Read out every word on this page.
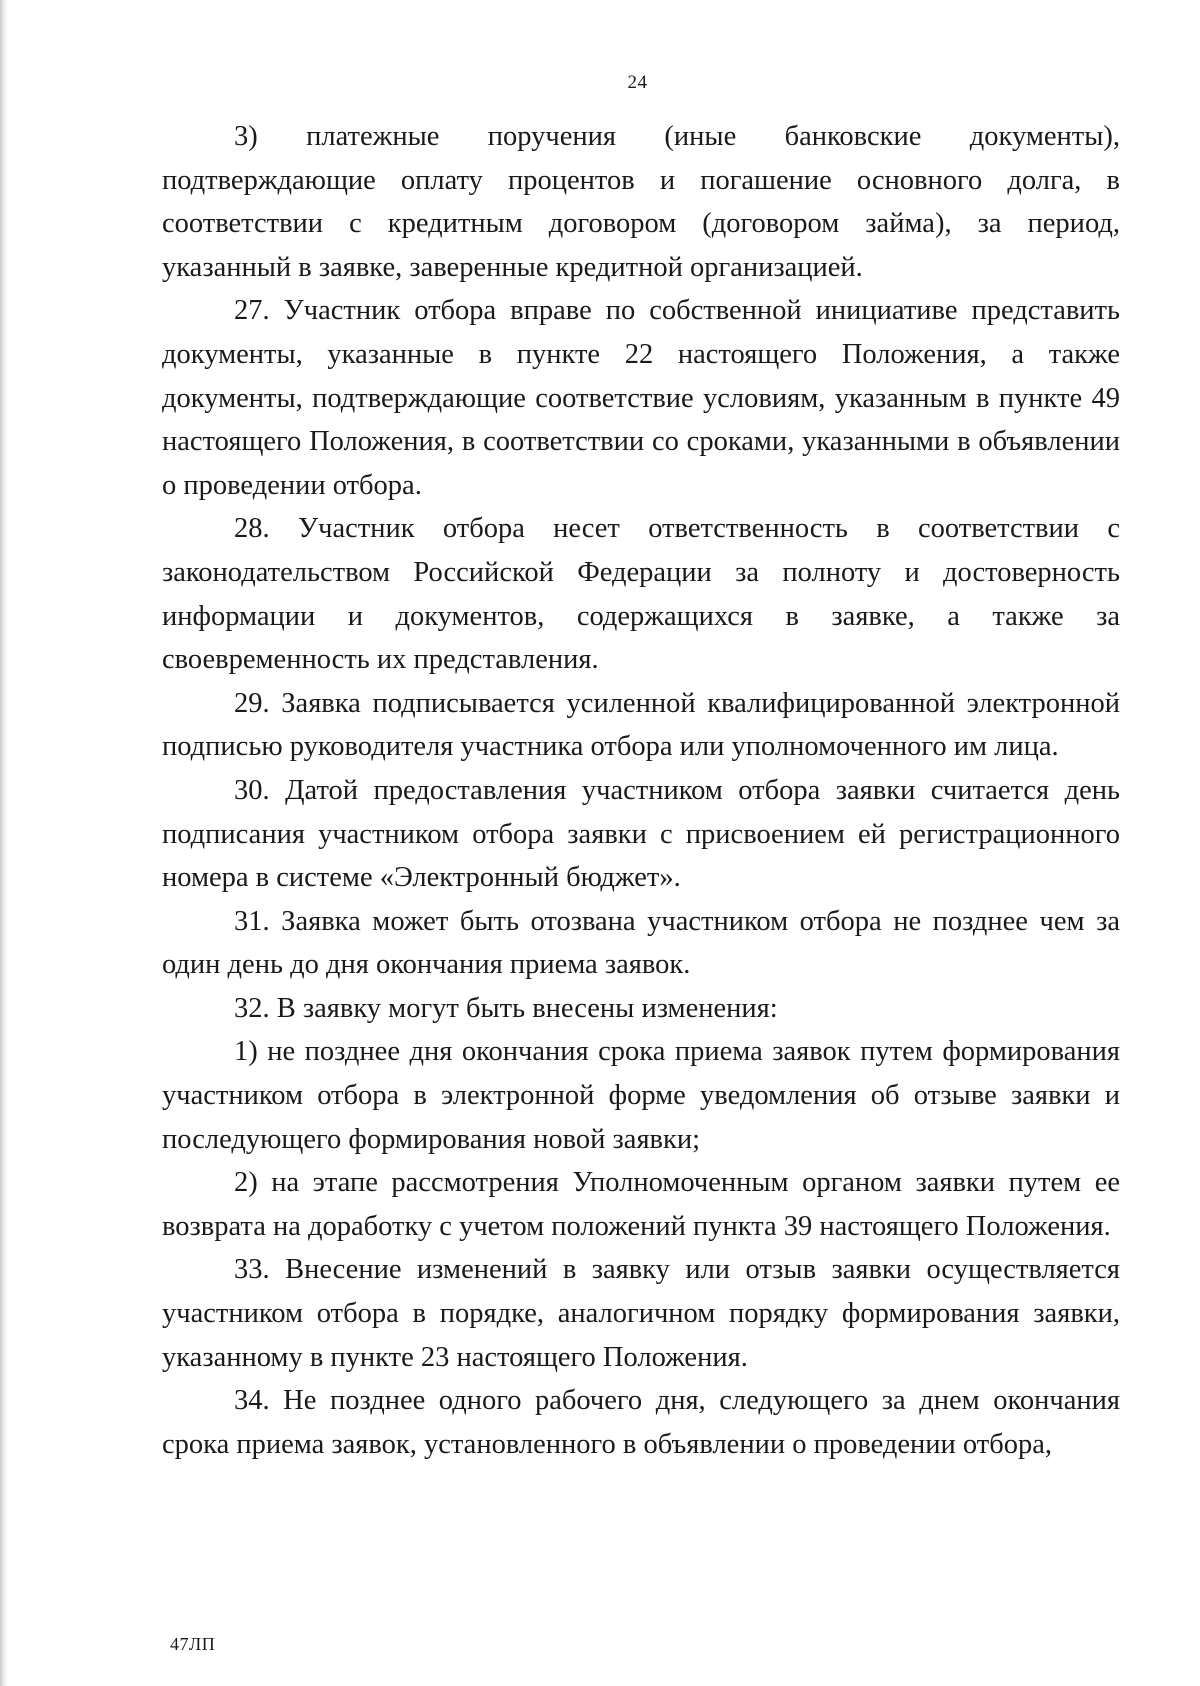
24

3) платежные поручения (иные банковские документы), подтверждающие оплату процентов и погашение основного долга, в соответствии с кредитным договором (договором займа), за период, указанный в заявке, заверенные кредитной организацией.

27. Участник отбора вправе по собственной инициативе представить документы, указанные в пункте 22 настоящего Положения, а также документы, подтверждающие соответствие условиям, указанным в пункте 49 настоящего Положения, в соответствии со сроками, указанными в объявлении о проведении отбора.

28. Участник отбора несет ответственность в соответствии с законодательством Российской Федерации за полноту и достоверность информации и документов, содержащихся в заявке, а также за своевременность их представления.

29. Заявка подписывается усиленной квалифицированной электронной подписью руководителя участника отбора или уполномоченного им лица.

30. Датой предоставления участником отбора заявки считается день подписания участником отбора заявки с присвоением ей регистрационного номера в системе «Электронный бюджет».

31. Заявка может быть отозвана участником отбора не позднее чем за один день до дня окончания приема заявок.

32. В заявку могут быть внесены изменения:

1) не позднее дня окончания срока приема заявок путем формирования участником отбора в электронной форме уведомления об отзыве заявки и последующего формирования новой заявки;

2) на этапе рассмотрения Уполномоченным органом заявки путем ее возврата на доработку с учетом положений пункта 39 настоящего Положения.

33. Внесение изменений в заявку или отзыв заявки осуществляется участником отбора в порядке, аналогичном порядку формирования заявки, указанному в пункте 23 настоящего Положения.

34. Не позднее одного рабочего дня, следующего за днем окончания срока приема заявок, установленного в объявлении о проведении отбора,

47ЛП
